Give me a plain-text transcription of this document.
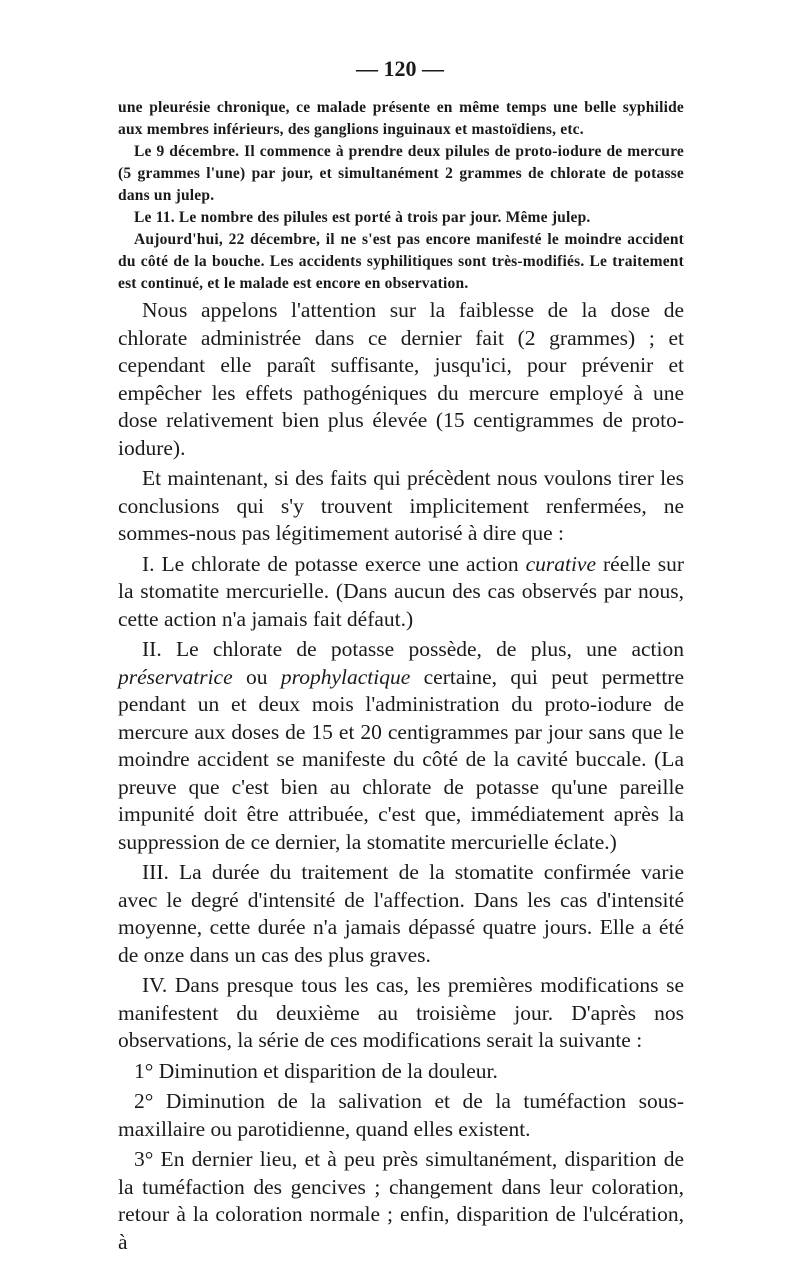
— 120 —

une pleurésie chronique, ce malade présente en même temps une belle syphilide aux membres inférieurs, des ganglions inguinaux et mastoïdiens, etc.

Le 9 décembre. Il commence à prendre deux pilules de proto-iodure de mercure (5 grammes l'une) par jour, et simultanément 2 grammes de chlorate de potasse dans un julep.

Le 11. Le nombre des pilules est porté à trois par jour. Même julep.

Aujourd'hui, 22 décembre, il ne s'est pas encore manifesté le moindre accident du côté de la bouche. Les accidents syphilitiques sont très-modifiés. Le traitement est continué, et le malade est encore en observation.

Nous appelons l'attention sur la faiblesse de la dose de chlorate administrée dans ce dernier fait (2 grammes) ; et cependant elle paraît suffisante, jusqu'ici, pour prévenir et empêcher les effets pathogéniques du mercure employé à une dose relativement bien plus élevée (15 centigrammes de proto-iodure).

Et maintenant, si des faits qui précèdent nous voulons tirer les conclusions qui s'y trouvent implicitement renfermées, ne sommes-nous pas légitimement autorisé à dire que :

I. Le chlorate de potasse exerce une action curative réelle sur la stomatite mercurielle. (Dans aucun des cas observés par nous, cette action n'a jamais fait défaut.)

II. Le chlorate de potasse possède, de plus, une action préservatrice ou prophylactique certaine, qui peut permettre pendant un et deux mois l'administration du proto-iodure de mercure aux doses de 15 et 20 centigrammes par jour sans que le moindre accident se manifeste du côté de la cavité buccale. (La preuve que c'est bien au chlorate de potasse qu'une pareille impunité doit être attribuée, c'est que, immédiatement après la suppression de ce dernier, la stomatite mercurielle éclate.)

III. La durée du traitement de la stomatite confirmée varie avec le degré d'intensité de l'affection. Dans les cas d'intensité moyenne, cette durée n'a jamais dépassé quatre jours. Elle a été de onze dans un cas des plus graves.

IV. Dans presque tous les cas, les premières modifications se manifestent du deuxième au troisième jour. D'après nos observations, la série de ces modifications serait la suivante :

1° Diminution et disparition de la douleur.

2° Diminution de la salivation et de la tuméfaction sous-maxillaire ou parotidienne, quand elles existent.

3° En dernier lieu, et à peu près simultanément, disparition de la tuméfaction des gencives ; changement dans leur coloration, retour à la coloration normale ; enfin, disparition de l'ulcération, à
